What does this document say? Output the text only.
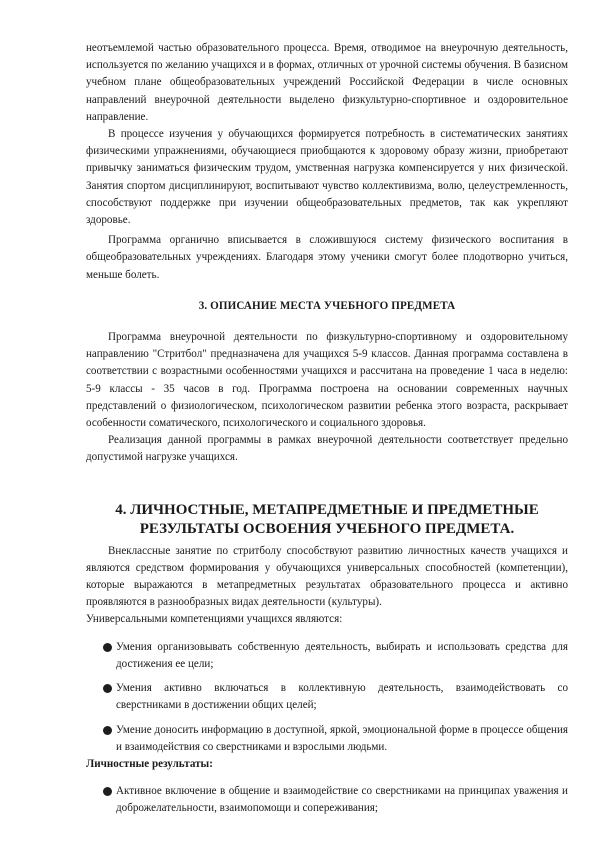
неотъемлемой частью образовательного процесса. Время, отводимое на внеурочную деятельность, используется по желанию учащихся и в формах, отличных от урочной системы обучения. В базисном учебном плане общеобразовательных учреждений Российской Федерации в числе основных направлений внеурочной деятельности выделено физкультурно-спортивное и оздоровительное направление.

В процессе изучения у обучающихся формируется потребность в систематических занятиях физическими упражнениями, обучающиеся приобщаются к здоровому образу жизни, приобретают привычку заниматься физическим трудом, умственная нагрузка компенсируется у них физической. Занятия спортом дисциплинируют, воспитывают чувство коллективизма, волю, целеустремленность, способствуют поддержке при изучении общеобразовательных предметов, так как укрепляют здоровье.

Программа органично вписывается в сложившуюся систему физического воспитания в общеобразовательных учреждениях. Благодаря этому ученики смогут более плодотворно учиться, меньше болеть.

3. ОПИСАНИЕ МЕСТА УЧЕБНОГО ПРЕДМЕТА

Программа внеурочной деятельности по физкультурно-спортивному и оздоровительному направлению "Стритбол" предназначена для учащихся 5-9 классов. Данная программа составлена в соответствии с возрастными особенностями учащихся и рассчитана на проведение 1 часа в неделю: 5-9 классы - 35 часов в год. Программа построена на основании современных научных представлений о физиологическом, психологическом развитии ребенка этого возраста, раскрывает особенности соматического, психологического и социального здоровья.

Реализация данной программы в рамках внеурочной деятельности соответствует предельно допустимой нагрузке учащихся.

4. ЛИЧНОСТНЫЕ, МЕТАПРЕДМЕТНЫЕ И ПРЕДМЕТНЫЕ
РЕЗУЛЬТАТЫ ОСВОЕНИЯ УЧЕБНОГО ПРЕДМЕТА.

Внеклассные занятие по стритболу способствуют развитию личностных качеств учащихся и являются средством формирования у обучающихся универсальных способностей (компетенции), которые выражаются в метапредметных результатах образовательного процесса и активно проявляются в разнообразных видах деятельности (культуры).

Универсальными компетенциями учащихся являются:

Умения организовывать собственную деятельность, выбирать и использовать средства для достижения ее цели;
Умения активно включаться в коллективную деятельность, взаимодействовать со сверстниками в достижении общих целей;
Умение доносить информацию в доступной, яркой, эмоциональной форме в процессе общения и взаимодействия со сверстниками и взрослыми людьми.

Личностные результаты:

Активное включение в общение и взаимодействие со сверстниками на принципах уважения и доброжелательности, взаимопомощи и сопереживания;
